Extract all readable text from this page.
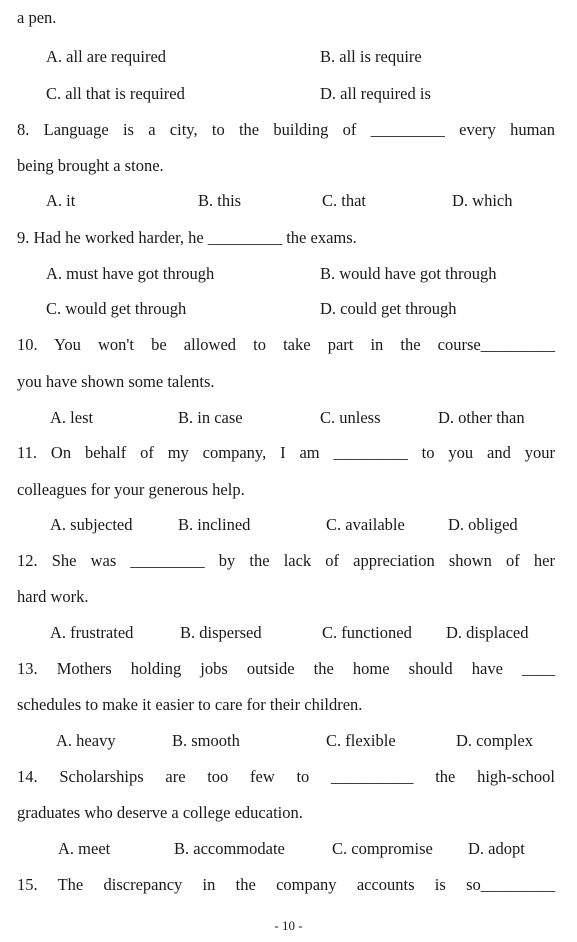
a pen.
A. all are required	B. all is require
C. all that is required	D. all required is
8. Language is a city, to the building of _________ every human
being brought a stone.
A. it	B. this	C. that	D. which
9. Had he worked harder, he _________ the exams.
A. must have got through	B. would have got through
C. would get through	D. could get through
10. You won't be allowed to take part in the course_________
you have shown some talents.
A. lest	B. in case	C. unless	D. other than
11. On behalf of my company, I am _________ to you and your
colleagues for your generous help.
A. subjected	B. inclined	C. available	D. obliged
12. She was _________ by the lack of appreciation shown of her
hard work.
A. frustrated	B. dispersed	C. functioned D. displaced
13. Mothers holding jobs outside the home should have ____
schedules to make it easier to care for their children.
A. heavy	B. smooth	C. flexible	D. complex
14. Scholarships are too few to __________ the high-school
graduates who deserve a college education.
A. meet	B. accommodate	C. compromise D. adopt
15. The discrepancy in the company accounts is so_________
- 10 -
